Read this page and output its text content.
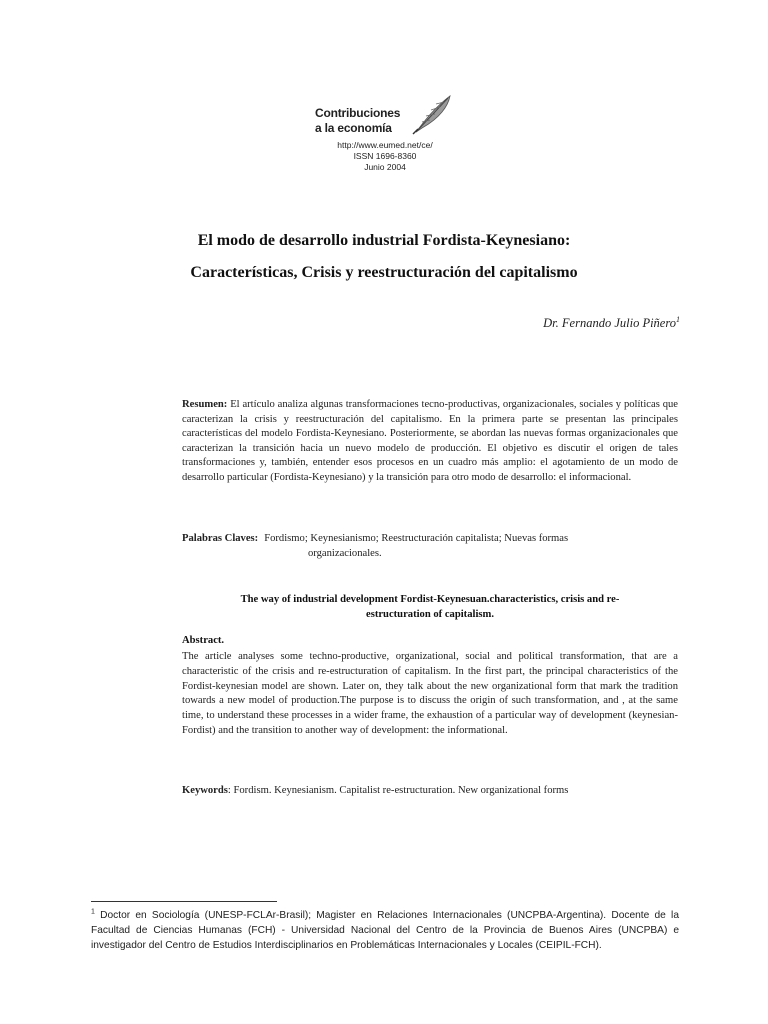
Contribuciones
a la economía
http://www.eumed.net/ce/
ISSN 1696-8360
Junio 2004
El modo de desarrollo industrial Fordista-Keynesiano:
Características, Crisis y reestructuración del capitalismo
Dr. Fernando Julio Piñero$^1$
Resumen: El artículo analiza algunas transformaciones tecno-productivas, organizacionales, sociales y políticas que caracterizan la crisis y reestructuración del capitalismo. En la primera parte se presentan las principales características del modelo Fordista-Keynesiano. Posteriormente, se abordan las nuevas formas organizacionales que caracterizan la transición hacia un nuevo modelo de producción. El objetivo es discutir el origen de tales transformaciones y, también, entender esos procesos en un cuadro más amplio: el agotamiento de un modo de desarrollo particular (Fordista-Keynesiano) y la transición para otro modo de desarrollo: el informacional.
Palabras Claves: Fordismo; Keynesianismo; Reestructuración capitalista; Nuevas formas
organizacionales.
The way of industrial development Fordist-Keynesuan.characteristics, crisis and re-
estructuration of capitalism.
Abstract.
The article analyses some techno-productive, organizational, social and political transformation, that are a characteristic of the crisis and re-estructuration of capitalism. In the first part, the principal characteristics of the Fordist-keynesian model are shown. Later on, they talk about the new organizational form that mark the tradition towards a new model of production.The purpose is to discuss the origin of such transformation, and , at the same time, to understand these processes in a wider frame, the exhaustion of a particular way of development (keynesian-Fordist) and the transition to another way of development: the informational.
Keywords: Fordism. Keynesianism. Capitalist re-estructuration. New organizational forms
$^1$ Doctor en Sociología (UNESP-FCLAr-Brasil); Magister en Relaciones Internacionales (UNCPBA-Argentina). Docente de la Facultad de Ciencias Humanas (FCH) - Universidad Nacional del Centro de la Provincia de Buenos Aires (UNCPBA) e investigador del Centro de Estudios Interdisciplinarios en Problemáticas Internacionales y Locales (CEIPIL-FCH).
